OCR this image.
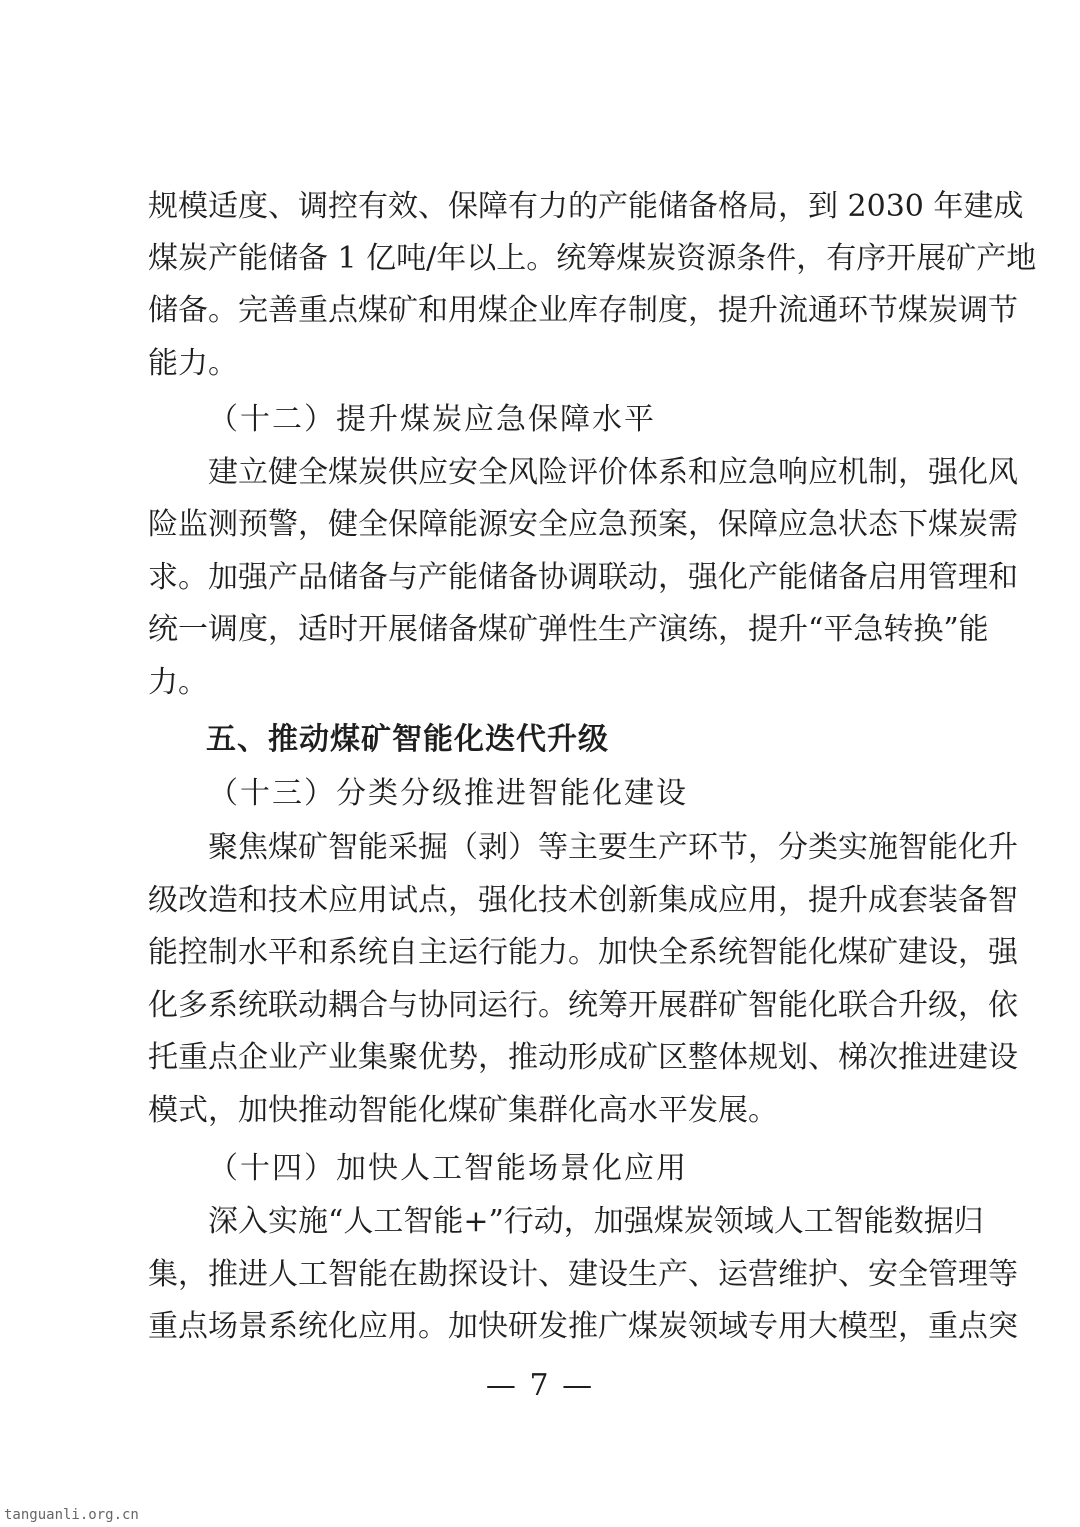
规模适度、调控有效、保障有力的产能储备格局，到 2030 年建成
煤炭产能储备 1 亿吨/年以上。统筹煤炭资源条件，有序开展矿产地
储备。完善重点煤矿和用煤企业库存制度，提升流通环节煤炭调节
能力。
（十二）提升煤炭应急保障水平
　　建立健全煤炭供应安全风险评价体系和应急响应机制，强化风
险监测预警，健全保障能源安全应急预案，保障应急状态下煤炭需
求。加强产品储备与产能储备协调联动，强化产能储备启用管理和
统一调度，适时开展储备煤矿弹性生产演练，提升“平急转换”能
力。
五、推动煤矿智能化迭代升级
（十三）分类分级推进智能化建设
　　聚焦煤矿智能采掘（剥）等主要生产环节，分类实施智能化升
级改造和技术应用试点，强化技术创新集成应用，提升成套装备智
能控制水平和系统自主运行能力。加快全系统智能化煤矿建设，强
化多系统联动耦合与协同运行。统筹开展群矿智能化联合升级，依
托重点企业产业集聚优势，推动形成矿区整体规划、梯次推进建设
模式，加快推动智能化煤矿集群化高水平发展。
（十四）加快人工智能场景化应用
　　深入实施“人工智能+”行动，加强煤炭领域人工智能数据归
集，推进人工智能在勘探设计、建设生产、运营维护、安全管理等
重点场景系统化应用。加快研发推广煤炭领域专用大模型，重点突
— 7 —
tanguanli.org.cn
